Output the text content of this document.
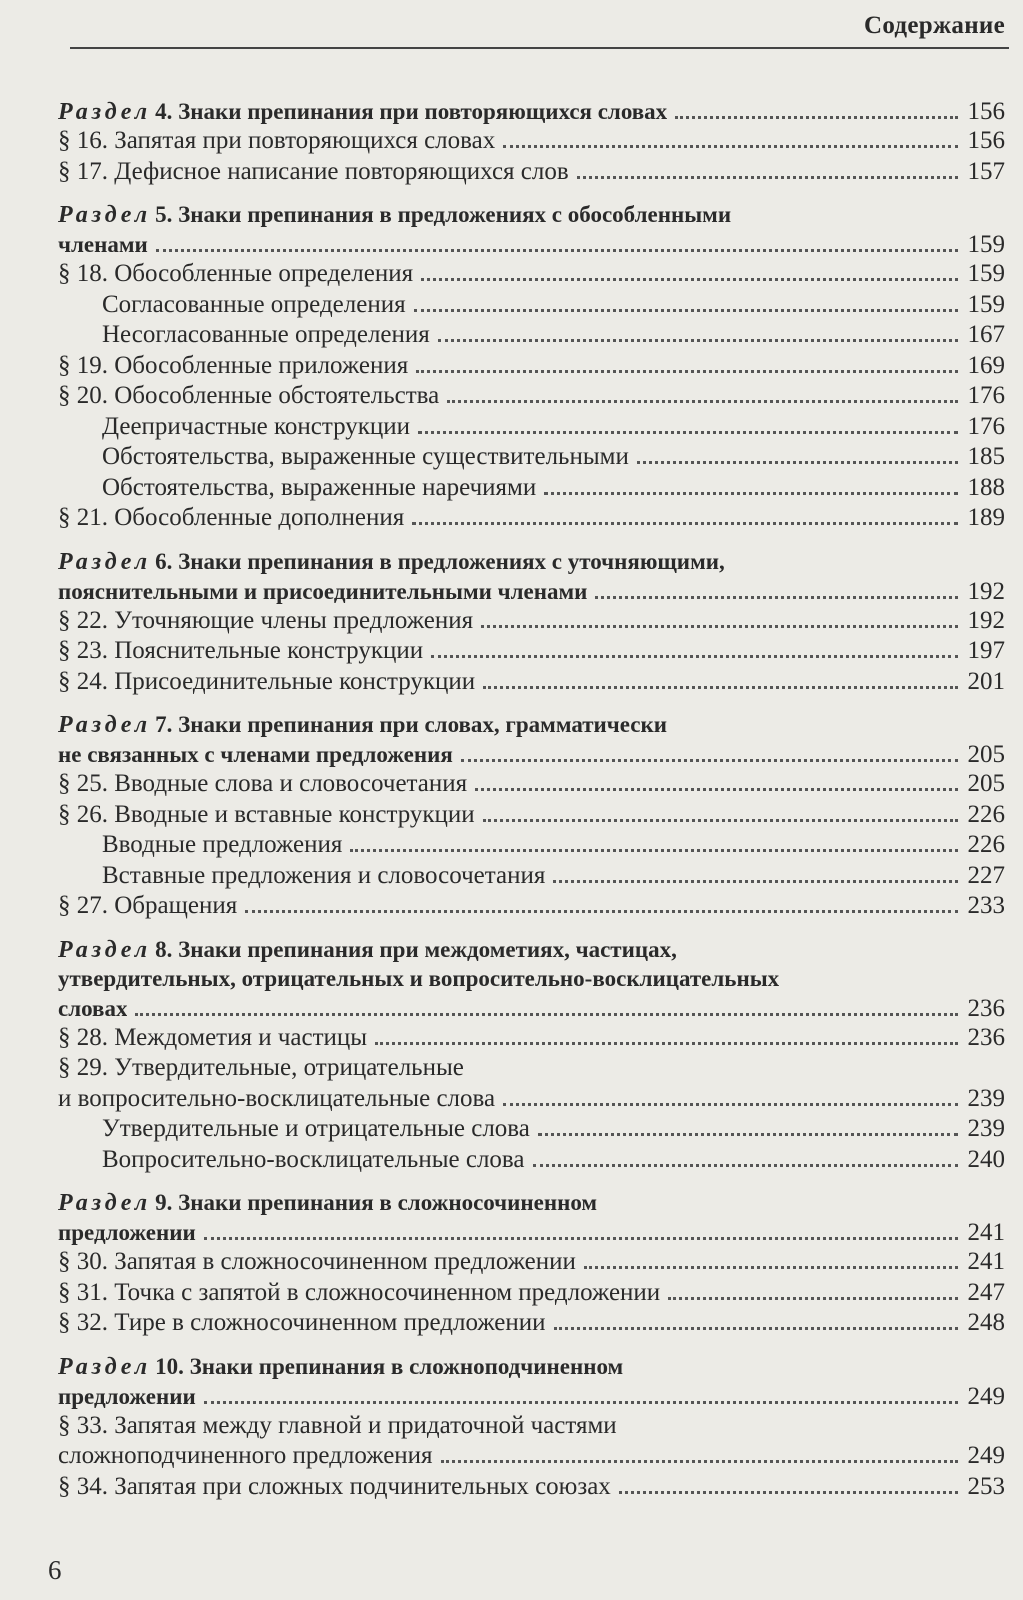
Содержание
Раздел 4. Знаки препинания при повторяющихся словах	156
§ 16. Запятая при повторяющихся словах	156
§ 17. Дефисное написание повторяющихся слов	157
Раздел 5. Знаки препинания в предложениях с обособленными
членами	159
§ 18. Обособленные определения	159
Согласованные определения	159
Несогласованные определения	167
§ 19. Обособленные приложения	169
§ 20. Обособленные обстоятельства	176
Деепричастные конструкции	176
Обстоятельства, выраженные существительными	185
Обстоятельства, выраженные наречиями	188
§ 21. Обособленные дополнения	189
Раздел 6. Знаки препинания в предложениях с уточняющими,
пояснительными и присоединительными членами	192
§ 22. Уточняющие члены предложения	192
§ 23. Пояснительные конструкции	197
§ 24. Присоединительные конструкции	201
Раздел 7. Знаки препинания при словах, грамматически
не связанных с членами предложения	205
§ 25. Вводные слова и словосочетания	205
§ 26. Вводные и вставные конструкции	226
Вводные предложения	226
Вставные предложения и словосочетания	227
§ 27. Обращения	233
Раздел 8. Знаки препинания при междометиях, частицах,
утвердительных, отрицательных и вопросительно-восклицательных
словах	236
§ 28. Междометия и частицы	236
§ 29. Утвердительные, отрицательные
и вопросительно-восклицательные слова	239
Утвердительные и отрицательные слова	239
Вопросительно-восклицательные слова	240
Раздел 9. Знаки препинания в сложносочиненном
предложении	241
§ 30. Запятая в сложносочиненном предложении	241
§ 31. Точка с запятой в сложносочиненном предложении	247
§ 32. Тире в сложносочиненном предложении	248
Раздел 10. Знаки препинания в сложноподчиненном
предложении	249
§ 33. Запятая между главной и придаточной частями
сложноподчиненного предложения	249
§ 34. Запятая при сложных подчинительных союзах	253
6
